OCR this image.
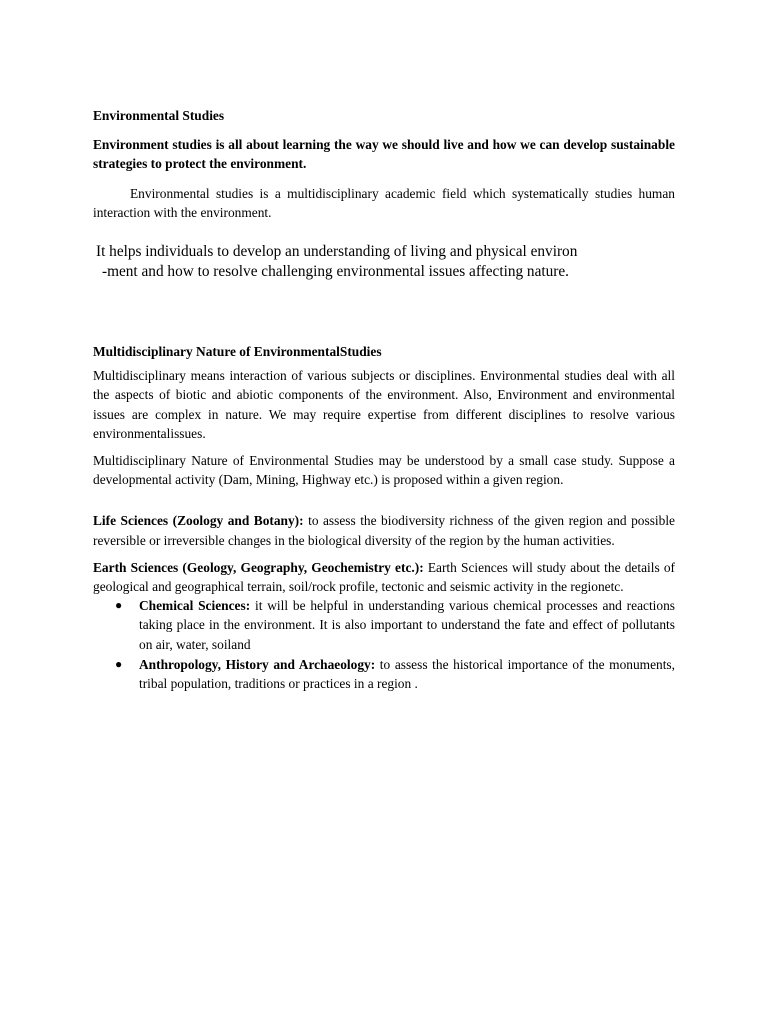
Environmental Studies

Environment studies is all about learning the way we should live and how we can develop sustainable strategies to protect the environment.

Environmental studies is a multidisciplinary academic field which systematically studies human interaction with the environment.

It helps individuals to develop an understanding of living and physical environ
-ment and how to resolve challenging environmental issues affecting nature.

Multidisciplinary Nature of EnvironmentalStudies

Multidisciplinary means interaction of various subjects or disciplines. Environmental studies deal with all the aspects of biotic and abiotic components of the environment. Also, Environment and environmental issues are complex in nature. We may require expertise from different disciplines to resolve various environmentalissues.

Multidisciplinary Nature of Environmental Studies may be understood by a small case study. Suppose a developmental activity (Dam, Mining, Highway etc.) is proposed within a given region.

Life Sciences (Zoology and Botany): to assess the biodiversity richness of the given region and possible reversible or irreversible changes in the biological diversity of the region by the human activities.

Earth Sciences (Geology, Geography, Geochemistry etc.): Earth Sciences will study about the details of geological and geographical terrain, soil/rock profile, tectonic and seismic activity in the regionetc.

● Chemical Sciences: it will be helpful in understanding various chemical processes and reactions taking place in the environment. It is also important to understand the fate and effect of pollutants on air, water, soiland
● Anthropology, History and Archaeology: to assess the historical importance of the monuments, tribal population, traditions or practices in a region .
